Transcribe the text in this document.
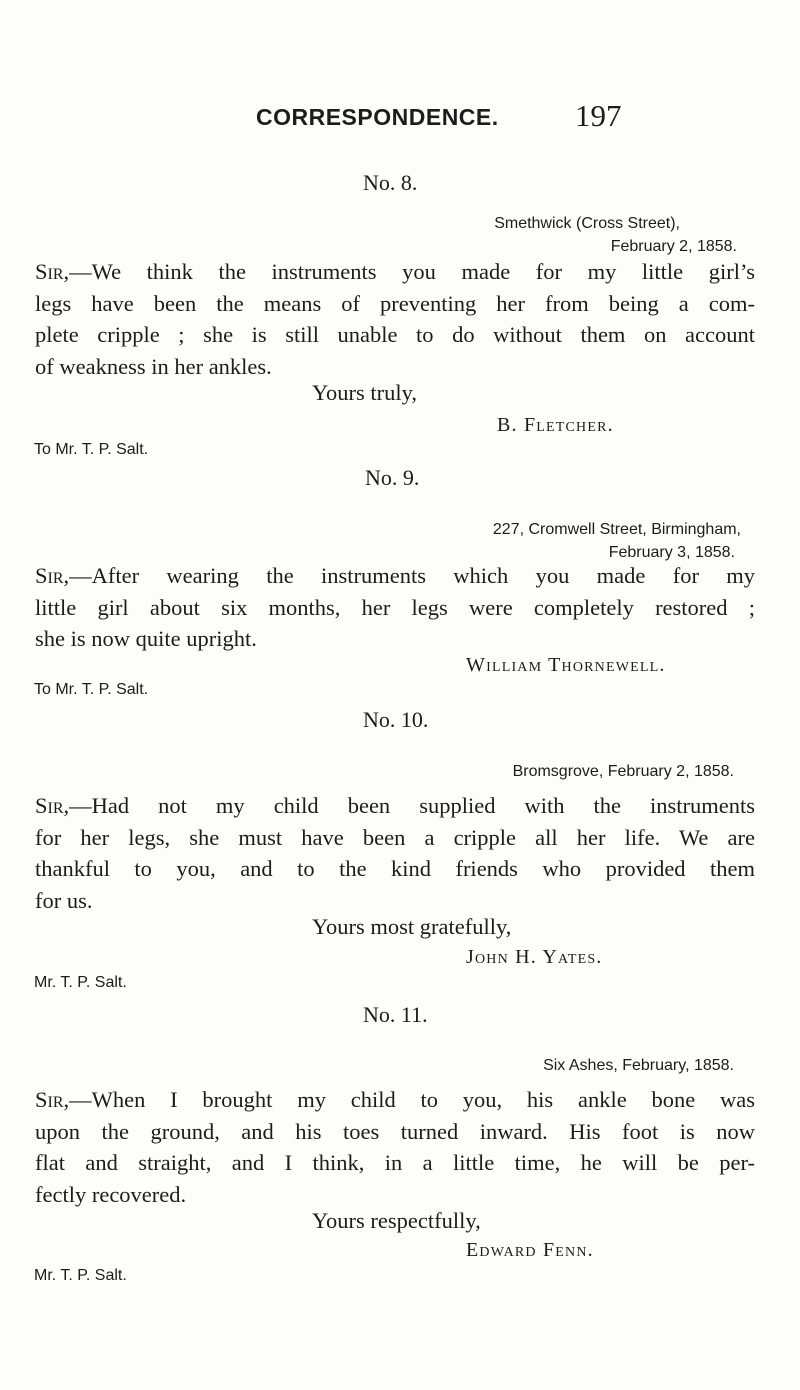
CORRESPONDENCE. 197
No. 8.
Smethwick (Cross Street),
February 2, 1858.
Sir,—We think the instruments you made for my little girl’s
legs have been the means of preventing her from being a com-
plete cripple ; she is still unable to do without them on account
of weakness in her ankles.
Yours truly,
B. Fletcher.
To Mr. T. P. Salt.
No. 9.
227, Cromwell Street, Birmingham,
February 3, 1858.
Sir,—After wearing the instruments which you made for my
little girl about six months, her legs were completely restored ;
she is now quite upright.
William Thornewell.
To Mr. T. P. Salt.
No. 10.
Bromsgrove, February 2, 1858.
Sir,—Had not my child been supplied with the instruments
for her legs, she must have been a cripple all her life. We are
thankful to you, and to the kind friends who provided them
for us.
Yours most gratefully,
John H. Yates.
Mr. T. P. Salt.
No. 11.
Six Ashes, February, 1858.
Sir,—When I brought my child to you, his ankle bone was
upon the ground, and his toes turned inward. His foot is now
flat and straight, and I think, in a little time, he will be per-
fectly recovered.
Yours respectfully,
Edward Fenn.
Mr. T. P. Salt.
